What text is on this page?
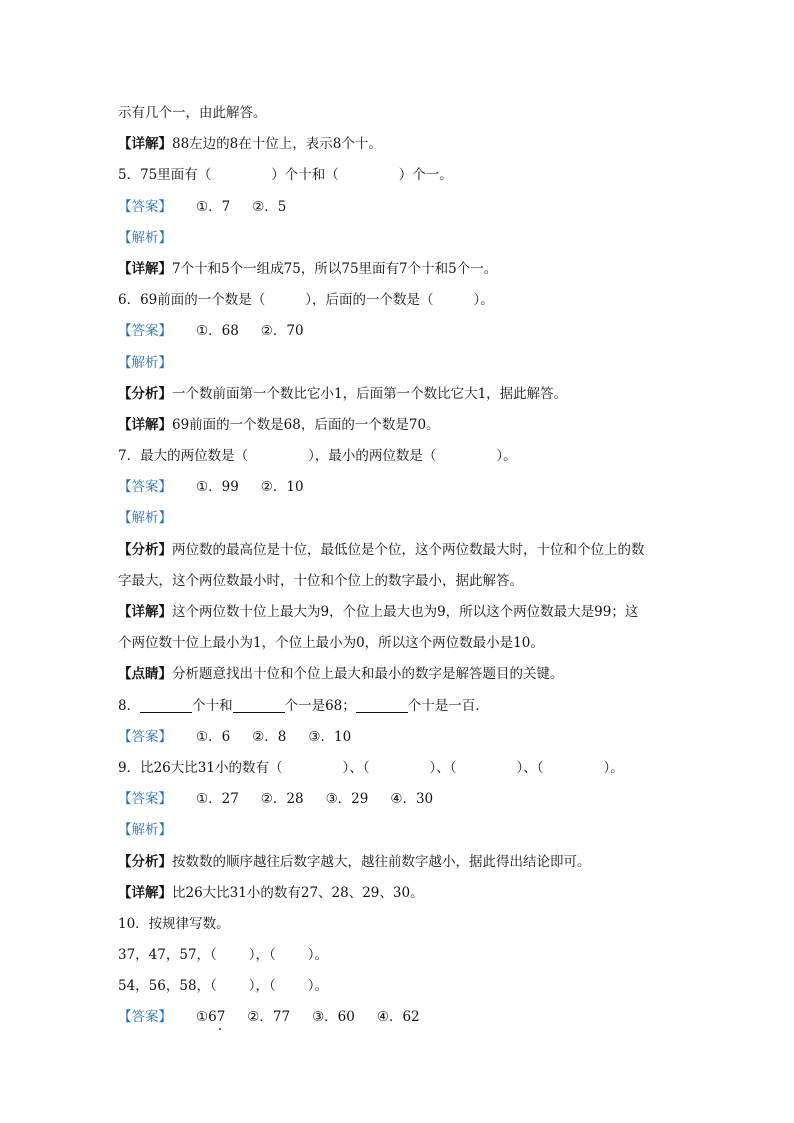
示有几个一，由此解答。
【详解】88左边的8在十位上，表示8个十。
5．75里面有（	）个十和（	）个一。
【答案】 ①．7 ②．5
【解析】
【详解】7个十和5个一组成75，所以75里面有7个十和5个一。
6．69前面的一个数是（	），后面的一个数是（	）。
【答案】 ①．68 ②．70
【解析】
【分析】一个数前面第一个数比它小1，后面第一个数比它大1，据此解答。
【详解】69前面的一个数是68，后面的一个数是70。
7．最大的两位数是（	），最小的两位数是（	）。
【答案】 ①．99 ②．10
【解析】
【分析】两位数的最高位是十位，最低位是个位，这个两位数最大时，十位和个位上的数
字最大，这个两位数最小时，十位和个位上的数字最小，据此解答。
【详解】这个两位数十位上最大为9，个位上最大也为9，所以这个两位数最大是99；这
个两位数十位上最小为1，个位上最小为0，所以这个两位数最小是10。
【点睛】分析题意找出十位和个位上最大和最小的数字是解答题目的关键。
8．	个十和	个一是68；	个十是一百.
【答案】 ①．6 ②．8 ③．10
9．比26大比31小的数有（	）、（	）、（	）、（	）。
【答案】 ①．27 ②．28 ③．29 ④．30
【解析】
【分析】按数数的顺序越往后数字越大，越往前数字越小，据此得出结论即可。
【详解】比26大比31小的数有27、28、29、30。
10．按规律写数。
37，47，57，（ ），（ ）。
54，56，58，（ ），（ ）。
【答案】 ①67 ②．77 ③．60 ④．62
